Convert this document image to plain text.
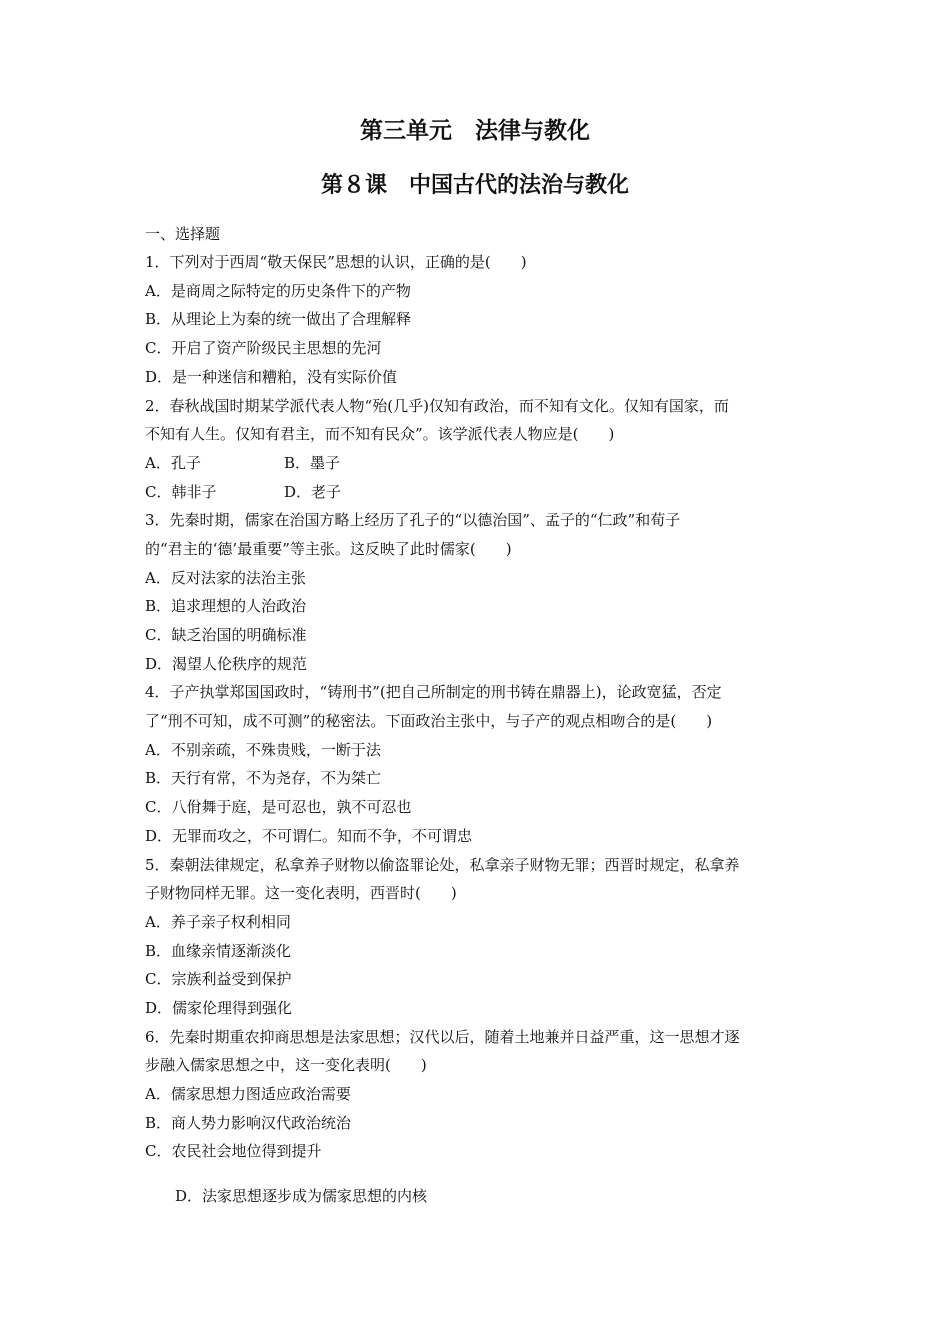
第三单元　法律与教化
第８课　中国古代的法治与教化
一、选择题
1．下列对于西周“敬天保民”思想的认识，正确的是(　　)
A．是商周之际特定的历史条件下的产物
B．从理论上为秦的统一做出了合理解释
C．开启了资产阶级民主思想的先河
D．是一种迷信和糟粕，没有实际价值
2．春秋战国时期某学派代表人物“殆(几乎)仅知有政治，而不知有文化。仅知有国家，而
不知有人生。仅知有君主，而不知有民众”。该学派代表人物应是(　　)
A．孔子	B．墨子
C．韩非子	D．老子
3．先秦时期，儒家在治国方略上经历了孔子的“以德治国”、孟子的“仁政”和荀子
的“君主的‘德’最重要”等主张。这反映了此时儒家(　　)
A．反对法家的法治主张
B．追求理想的人治政治
C．缺乏治国的明确标准
D．渴望人伦秩序的规范
4．子产执掌郑国国政时，“铸刑书”(把自己所制定的刑书铸在鼎器上)，论政宽猛，否定
了“刑不可知，成不可测”的秘密法。下面政治主张中，与子产的观点相吻合的是(　　)
A．不别亲疏，不殊贵贱，一断于法
B．天行有常，不为尧存，不为桀亡
C．八佾舞于庭，是可忍也，孰不可忍也
D．无罪而攻之，不可谓仁。知而不争，不可谓忠
5．秦朝法律规定，私拿养子财物以偷盗罪论处，私拿亲子财物无罪；西晋时规定，私拿养
子财物同样无罪。这一变化表明，西晋时(　　)
A．养子亲子权利相同
B．血缘亲情逐渐淡化
C．宗族利益受到保护
D．儒家伦理得到强化
6．先秦时期重农抑商思想是法家思想；汉代以后，随着土地兼并日益严重，这一思想才逐
步融入儒家思想之中，这一变化表明(　　)
A．儒家思想力图适应政治需要
B．商人势力影响汉代政治统治
C．农民社会地位得到提升
D．法家思想逐步成为儒家思想的内核
